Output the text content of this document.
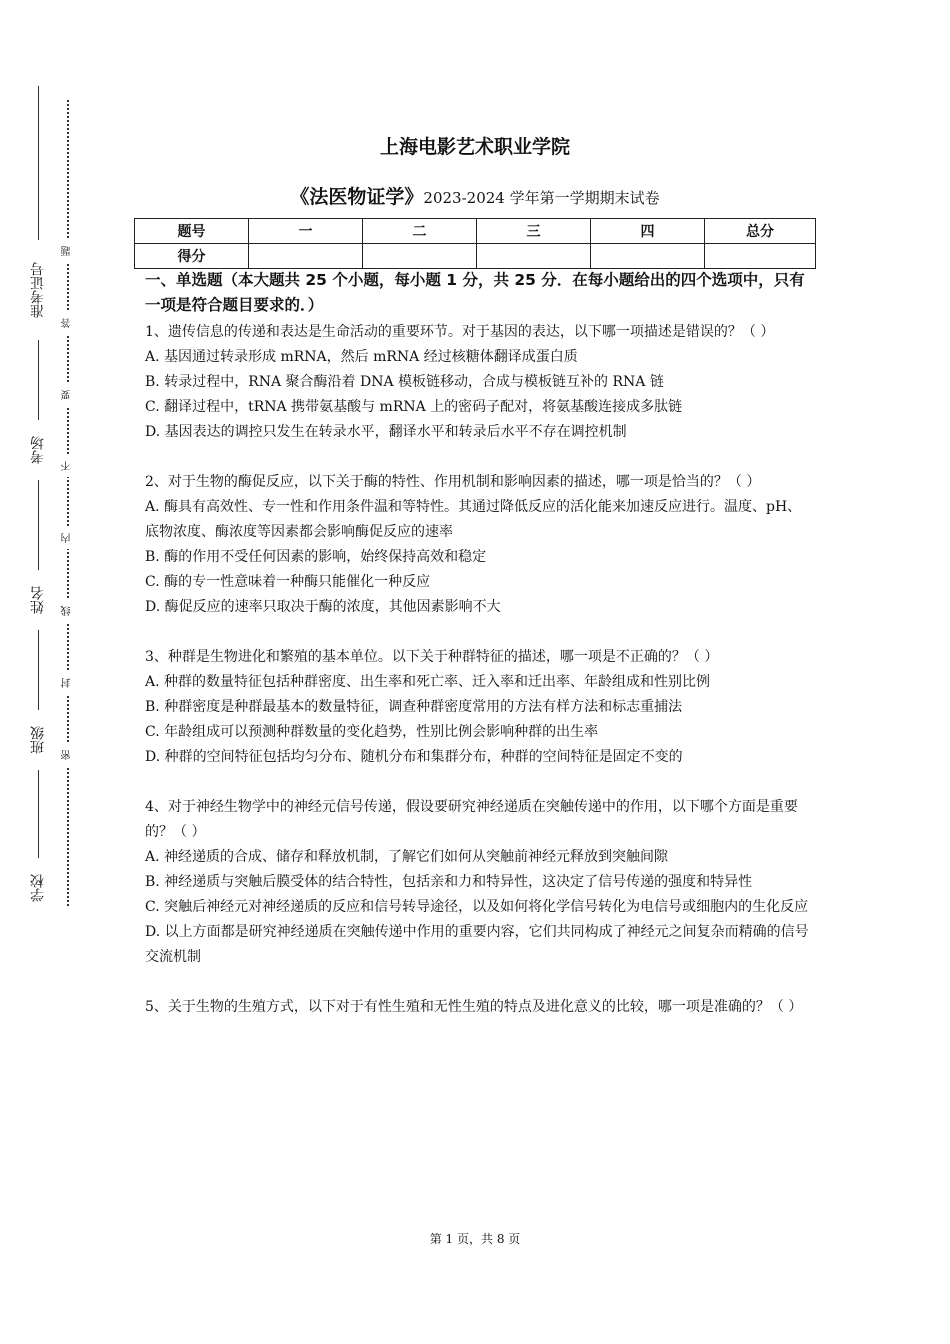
准考证号
考场
姓名
班级
学校
题
答
要
不
内
线
封
密
上海电影艺术职业学院
《法医物证学》2023-2024 学年第一学期期末试卷
题号	一	二	三	四	总分
得分					
一、单选题（本大题共 25 个小题，每小题 1 分，共 25 分．在每小题给出的四个选项中，只有一项是符合题目要求的．）

1、遗传信息的传递和表达是生命活动的重要环节。对于基因的表达，以下哪一项描述是错误的？（ ）

A. 基因通过转录形成 mRNA，然后 mRNA 经过核糖体翻译成蛋白质

B. 转录过程中，RNA 聚合酶沿着 DNA 模板链移动，合成与模板链互补的 RNA 链

C. 翻译过程中，tRNA 携带氨基酸与 mRNA 上的密码子配对，将氨基酸连接成多肽链

D. 基因表达的调控只发生在转录水平，翻译水平和转录后水平不存在调控机制

2、对于生物的酶促反应，以下关于酶的特性、作用机制和影响因素的描述，哪一项是恰当的？（ ）

A. 酶具有高效性、专一性和作用条件温和等特性。其通过降低反应的活化能来加速反应进行。温度、pH、底物浓度、酶浓度等因素都会影响酶促反应的速率

B. 酶的作用不受任何因素的影响，始终保持高效和稳定

C. 酶的专一性意味着一种酶只能催化一种反应

D. 酶促反应的速率只取决于酶的浓度，其他因素影响不大

3、种群是生物进化和繁殖的基本单位。以下关于种群特征的描述，哪一项是不正确的？（ ）

A. 种群的数量特征包括种群密度、出生率和死亡率、迁入率和迁出率、年龄组成和性别比例

B. 种群密度是种群最基本的数量特征，调查种群密度常用的方法有样方法和标志重捕法

C. 年龄组成可以预测种群数量的变化趋势，性别比例会影响种群的出生率

D. 种群的空间特征包括均匀分布、随机分布和集群分布，种群的空间特征是固定不变的

4、对于神经生物学中的神经元信号传递，假设要研究神经递质在突触传递中的作用，以下哪个方面是重要的？（ ）

A. 神经递质的合成、储存和释放机制，了解它们如何从突触前神经元释放到突触间隙

B. 神经递质与突触后膜受体的结合特性，包括亲和力和特异性，这决定了信号传递的强度和特异性

C. 突触后神经元对神经递质的反应和信号转导途径，以及如何将化学信号转化为电信号或细胞内的生化反应

D. 以上方面都是研究神经递质在突触传递中作用的重要内容，它们共同构成了神经元之间复杂而精确的信号交流机制

5、关于生物的生殖方式，以下对于有性生殖和无性生殖的特点及进化意义的比较，哪一项是准确的？（ ）

第 1 页，共 8 页
